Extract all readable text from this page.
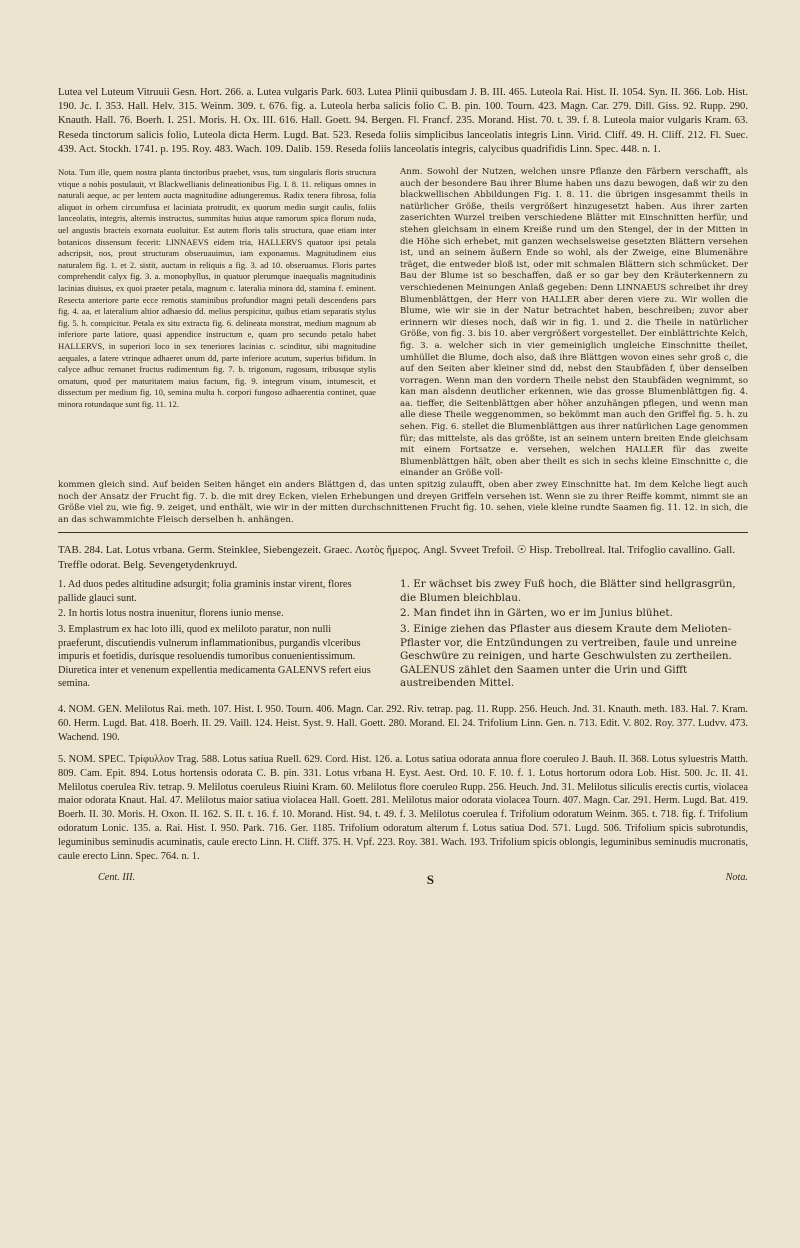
Lutea vel Luteum Vitruuii Gesn. Hort. 266. a. Lutea vulgaris Park. 603. Lutea Plinii quibusdam J. B. III. 465. Luteola Rai. Hist. II. 1054. Syn. II. 366. Lob. Hist. 190. Jc. I. 353. Hall. Helv. 315. Weinm. 309. t. 676. fig. a. Luteola herba salicis folio C. B. pin. 100. Tourn. 423. Magn. Car. 279. Dill. Giss. 92. Rupp. 290. Knauth. Hall. 76. Boerh. I. 251. Moris. H. Ox. III. 616. Hall. Goett. 94. Bergen. Fl. Francf. 235. Morand. Hist. 70. t. 39. f. 8. Luteola maior vulgaris Kram. 63. Reseda tinctorum salicis folio, Luteola dicta Herm. Lugd. Bat. 523. Reseda foliis simplicibus lanceolatis integris Linn. Virid. Cliff. 49. H. Cliff. 212. Fl. Suec. 439. Act. Stockh. 1741. p. 195. Roy. 483. Wach. 109. Dalib. 159. Reseda foliis lanceolatis integris, calycibus quadrifidis Linn. Spec. 448. n. 1.

Nota. Tum ille, quem nostra planta tinctoribus praebet, vsus, tum singularis floris structura vtique a nobis postulauit, vt Blackwellianis delineationibus Fig. I. 8. 11. reliquas omnes in naturali aeque, ac per lentem aucta magnitudine adiungeremus. Radix tenera fibrosa, folia aliquot in orbem circumfusa et laciniata protrudit, ex quorum medio surgit caulis, foliis lanceolatis, integris, alternis instructus, summitas huius atque ramorum spica florum nuda, uel angustis bracteis exornata euoluitur. Est autem floris talis structura, quae etiam inter botanicos dissensum fecerit: LINNAEVS eidem tria, HALLERVS quatuor ipsi petala adscripsit, nos, prout structuram obseruauimus, iam exponamus. Magnitudinem eius naturalem fig. 1. et 2. sistit, auctam in reliquis a fig. 3. ad 10. obseruamus. Floris partes comprehendit calyx fig. 3. a. monophyllus, in quatuor plerumque inaequalis magnitudinis lacinias diuisus, ex quoi praeter petala, magnum c. lateralia minora dd, stamina f. eminent. Resecta anteriore parte ecce remotis staminibus profundior magni petali descendens pars fig. 4. aa, et lateralium altior adhaesio dd. melius perspicitur, quibus etiam separatis stylus fig. 5. h. conspicitur. Petala ex situ extracta fig. 6. delineata monstrat, medium magnum ab inferiore parte latiore, quasi appendice instructum e, quam pro secundo petalo habet HALLERVS, in superiori loco in sex teneriores lacinias c. scinditur, sibi magnitudine aequales, a latere vtrinque adhaeret unum dd, parte inferiore acutum, superius bifidum. In calyce adhuc remanet fructus rudimentum fig. 7. b. trigonum, rugosum, tribusque stylis ornatum, quod per maturitatem maius factum, fig. 9. integrum visum, intumescit, et dissectum per medium fig. 10, semina multa h. corpori fungoso adhaerentia continet, quae minora rotundaque sunt fig. 11. 12.

Anm. Sowohl der Nutzen, welchen unsre Pflanze den Färbern verschafft, als auch der besondere Bau ihrer Blume haben uns dazu bewogen, daß wir zu den blackwellischen Abbildungen Fig. I. 8. 11. die übrigen insgesammt theils in natürlicher Größe, theils vergrößert hinzugesetzt haben. Aus ihrer zarten zaserichten Wurzel treiben verschiedene Blätter mit Einschnitten herfür, und stehen gleichsam in einem Kreiße rund um den Stengel, der in der Mitten in die Höhe sich erhebet, mit ganzen wechselsweise gesetzten Blättern versehen ist, und an seinem äußern Ende so wohl, als der Zweige, eine Blumenähre träget, die entweder bloß ist, oder mit schmalen Blättern sich schmücket. Der Bau der Blume ist so beschaffen, daß er so gar bey den Kräuterkennern zu verschiedenen Meinungen Anlaß gegeben: Denn LINNAEUS schreibet ihr drey Blumenblättgen, der Herr von HALLER aber deren viere zu. Wir wollen die Blume, wie wir sie in der Natur betrachtet haben, beschreiben; zuvor aber erinnern wir dieses noch, daß wir in fig. 1. und 2. die Theile in natürlicher Größe, von fig. 3. bis 10. aber vergrößert vorgestellet. Der einblättrichte Kelch, fig. 3. a. welcher sich in vier gemeiniglich ungleiche Einschnitte theilet, umhüllet die Blume, doch also, daß ihre Blättgen wovon eines sehr groß c, die auf den Seiten aber kleiner sind dd, nebst den Staubfäden f, über denselben vorragen. Wenn man den vordern Theile nebst den Staubfäden wegnimmt, so kan man alsdenn deutlicher erkennen, wie das grosse Blumenblättgen fig. 4. aa. tieffer, die Seitenblättgen aber höher anzuhängen pflegen, und wenn man alle diese Theile weggenommen, so bekömmt man auch den Griffel fig. 5. h. zu sehen. Fig. 6. stellet die Blumenblättgen aus ihrer natürlichen Lage genommen für; das mittelste, als das größte, ist an seinem untern breiten Ende gleichsam mit einem Fortsatze e. versehen, welchen HALLER für das zweite Blumenblättgen hält, oben aber theilt es sich in sechs kleine Einschnitte c, die einander an Größe voll-

kommen gleich sind. Auf beiden Seiten hänget ein anders Blättgen d, das unten spitzig zulaufft, oben aber zwey Einschnitte hat. Im dem Kelche liegt auch noch der Ansatz der Frucht fig. 7. b. die mit drey Ecken, vielen Erhebungen und dreyen Griffeln versehen ist. Wenn sie zu ihrer Reiffe kommt, nimmt sie an Größe viel zu, wie fig. 9. zeiget, und enthält, wie wir in der mitten durchschnittenen Frucht fig. 10. sehen, viele kleine rundte Saamen fig. 11. 12. in sich, die an das schwammichte Fleisch derselben h. anhängen.

TAB. 284. Lat. Lotus vrbana. Germ. Steinklee, Siebengezeit. Graec. Λωτὸς ἥμερος. Angl. Svveet Trefoil. ☉ Hisp. Trebollreal. Ital. Trifoglio cavallino. Gall. Treffle odorat. Belg. Sevengetydenkruyd.

1. Ad duos pedes altitudine adsurgit; folia graminis instar virent, flores pallide glauci sunt.

2. In hortis lotus nostra inuenitur, florens iunio mense.

3. Emplastrum ex hac loto illi, quod ex meliloto paratur, non nulli praeferunt, discutiendis vulnerum inflammationibus, purgandis vlceribus impuris et foetidis, durisque resoluendis tumoribus conuenientissimum. Diuretica inter et venenum expellentia medicamenta GALENVS refert eius semina.

1. Er wächset bis zwey Fuß hoch, die Blätter sind hellgrasgrün, die Blumen bleichblau.

2. Man findet ihn in Gärten, wo er im Junius blühet.

3. Einige ziehen das Pflaster aus diesem Kraute dem Melioten-Pflaster vor, die Entzündungen zu vertreiben, faule und unreine Geschwüre zu reinigen, und harte Geschwulsten zu zertheilen. GALENUS zählet den Saamen unter die Urin und Gifft austreibenden Mittel.

4. NOM. GEN. Melilotus Rai. meth. 107. Hist. I. 950. Tourn. 406. Magn. Car. 292. Riv. tetrap. pag. 11. Rupp. 256. Heuch. Jnd. 31. Knauth. meth. 183. Hal. 7. Kram. 60. Herm. Lugd. Bat. 418. Boerh. II. 29. Vaill. 124. Heist. Syst. 9. Hall. Goett. 280. Morand. El. 24. Trifolium Linn. Gen. n. 713. Edit. V. 802. Roy. 377. Ludvv. 473. Wachend. 190.

5. NOM. SPEC. Τρίφυλλον Trag. 588. Lotus satiua Ruell. 629. Cord. Hist. 126. a. Lotus satiua odorata annua flore coeruleo J. Bauh. II. 368. Lotus syluestris Matth. 809. Cam. Epit. 894. Lotus hortensis odorata C. B. pin. 331. Lotus vrbana H. Eyst. Aest. Ord. 10. F. 10. f. 1. Lotus hortorum odora Lob. Hist. 500. Jc. II. 41. Melilotus coerulea Riv. tetrap. 9. Melilotus coeruleus Riuini Kram. 60. Melilotus flore coeruleo Rupp. 256. Heuch. Jnd. 31. Melilotus siliculis erectis curtis, violacea maior odorata Knaut. Hal. 47. Melilotus maior satiua violacea Hall. Goett. 281. Melilotus maior odorata violacea Tourn. 407. Magn. Car. 291. Herm. Lugd. Bat. 419. Boerh. II. 30. Moris. H. Oxon. II. 162. S. II. t. 16. f. 10. Morand. Hist. 94. t. 49. f. 3. Melilotus coerulea f. Trifolium odoratum Weinm. 365. t. 718. fig. f. Trifolium odoratum Lonic. 135. a. Rai. Hist. I. 950. Park. 716. Ger. 1185. Trifolium odoratum alterum f. Lotus satiua Dod. 571. Lugd. 506. Trifolium spicis subrotundis, leguminibus seminudis acuminatis, caule erecto Linn. H. Cliff. 375. H. Vpf. 223. Roy. 381. Wach. 193. Trifolium spicis oblongis, leguminibus seminudis mucronatis, caule erecto Linn. Spec. 764. n. 1.

Cent. III.	S	Nota.
